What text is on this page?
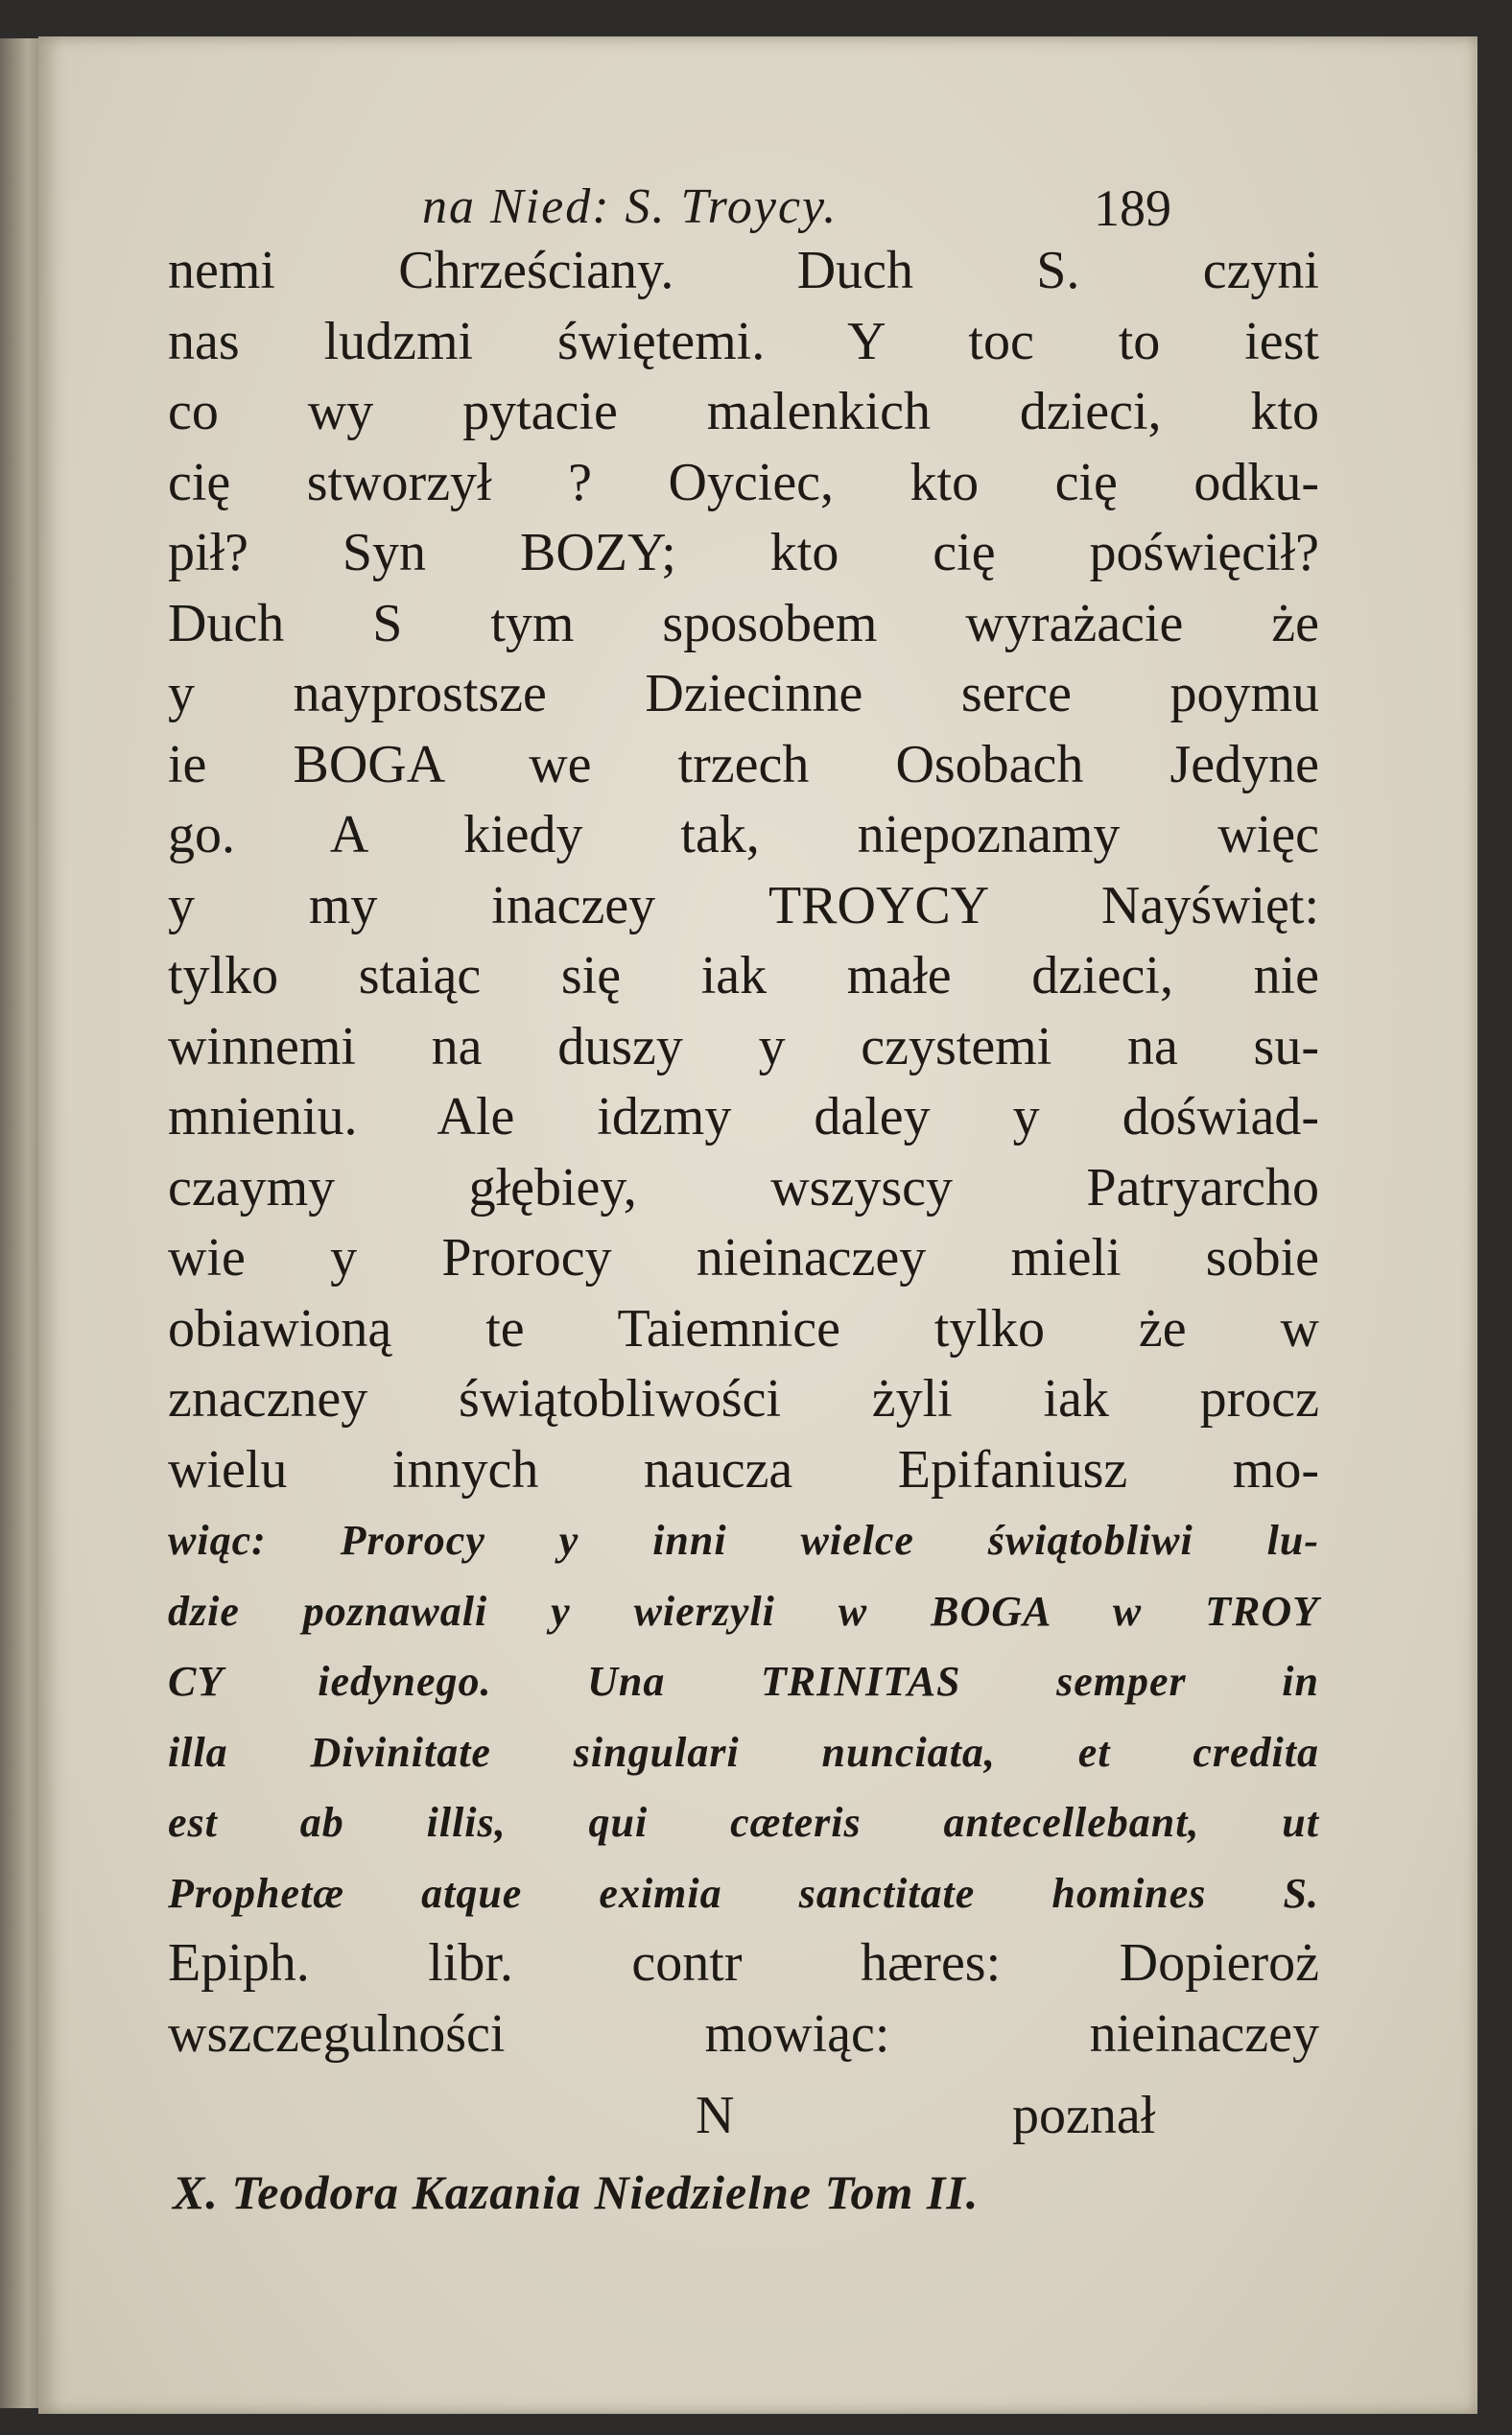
na Nied: S. Troycy.	189
nemi Chrześciany. Duch S. czyni
nas ludzmi świętemi. Y toc to iest
co wy pytacie malenkich dzieci, kto
cię stworzył ? Oyciec, kto cię odku-
pił? Syn BOZY; kto cię poświęcił?
Duch S tym sposobem wyrażacie że
y nayprostsze Dziecinne serce poymu
ie BOGA we trzech Osobach Jedyne
go. A kiedy tak, niepoznamy więc
y my inaczey TROYCY Nayświęt:
tylko staiąc się iak małe dzieci, nie
winnemi na duszy y czystemi na su-
mnieniu. Ale idzmy daley y doświad-
czaymy głębiey, wszyscy Patryarcho
wie y Prorocy nieinaczey mieli sobie
obiawioną te Taiemnice tylko że w
znaczney świątobliwości żyli iak procz
wielu innych naucza Epifaniusz mo-
wiąc: Prorocy y inni wielce świątobliwi lu-
dzie poznawali y wierzyli w BOGA w TROY
CY iedynego. Una TRINITAS semper in
illa Divinitate singulari nunciata, et credita
est ab illis, qui cæteris antecellebant, ut
Prophetæ atque eximia sanctitate homines S.
Epiph. libr. contr hæres: Dopieroż
wszczegulności mowiąc: nieinaczey
N	poznał
X. Teodora Kazania Niedzielne Tom II.
